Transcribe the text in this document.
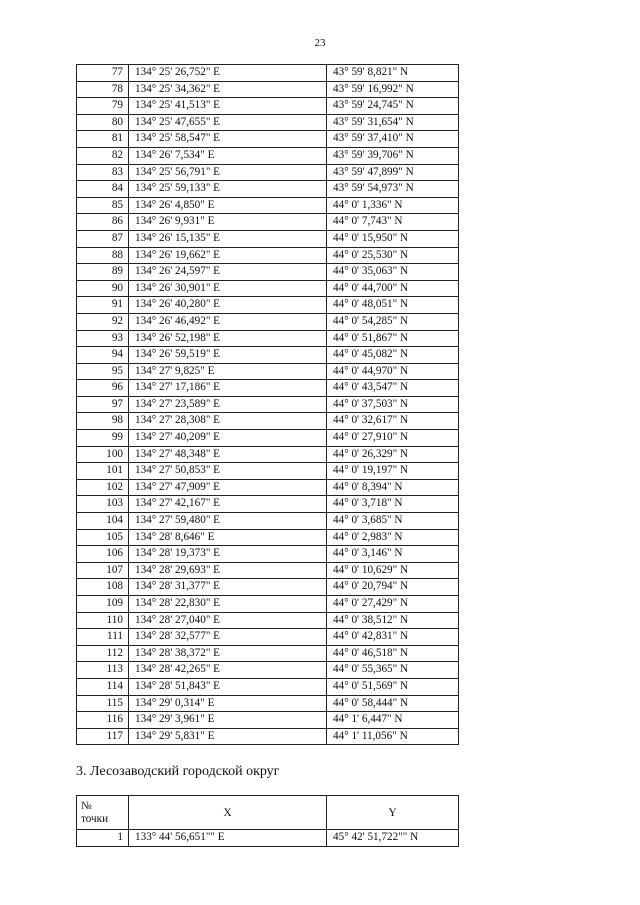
23
77	134° 25' 26,752" E	43° 59' 8,821" N
78	134° 25' 34,362" E	43° 59' 16,992" N
79	134° 25' 41,513" E	43° 59' 24,745" N
80	134° 25' 47,655" E	43° 59' 31,654" N
81	134° 25' 58,547" E	43° 59' 37,410" N
82	134° 26' 7,534" E	43° 59' 39,706" N
83	134° 25' 56,791" E	43° 59' 47,899" N
84	134° 25' 59,133" E	43° 59' 54,973" N
85	134° 26' 4,850" E	44° 0' 1,336" N
86	134° 26' 9,931" E	44° 0' 7,743" N
87	134° 26' 15,135" E	44° 0' 15,950" N
88	134° 26' 19,662" E	44° 0' 25,530" N
89	134° 26' 24,597" E	44° 0' 35,063" N
90	134° 26' 30,901" E	44° 0' 44,700" N
91	134° 26' 40,280" E	44° 0' 48,051" N
92	134° 26' 46,492" E	44° 0' 54,285" N
93	134° 26' 52,198" E	44° 0' 51,867" N
94	134° 26' 59,519" E	44° 0' 45,082" N
95	134° 27' 9,825" E	44° 0' 44,970" N
96	134° 27' 17,186" E	44° 0' 43,547" N
97	134° 27' 23,589" E	44° 0' 37,503" N
98	134° 27' 28,308" E	44° 0' 32,617" N
99	134° 27' 40,209" E	44° 0' 27,910" N
100	134° 27' 48,348" E	44° 0' 26,329" N
101	134° 27' 50,853" E	44° 0' 19,197" N
102	134° 27' 47,909" E	44° 0' 8,394" N
103	134° 27' 42,167" E	44° 0' 3,718" N
104	134° 27' 59,480" E	44° 0' 3,685" N
105	134° 28' 8,646" E	44° 0' 2,983" N
106	134° 28' 19,373" E	44° 0' 3,146" N
107	134° 28' 29,693" E	44° 0' 10,629" N
108	134° 28' 31,377" E	44° 0' 20,794" N
109	134° 28' 22,830" E	44° 0' 27,429" N
110	134° 28' 27,040" E	44° 0' 38,512" N
111	134° 28' 32,577" E	44° 0' 42,831" N
112	134° 28' 38,372" E	44° 0' 46,518" N
113	134° 28' 42,265" E	44° 0' 55,365" N
114	134° 28' 51,843" E	44° 0' 51,569" N
115	134° 29' 0,314" E	44° 0' 58,444" N
116	134° 29' 3,961" E	44° 1' 6,447" N
117	134° 29' 5,831" E	44° 1' 11,056" N
3. Лесозаводский городской округ
№
точки	X	Y
1	133° 44' 56,651"" E	45° 42' 51,722"" N
